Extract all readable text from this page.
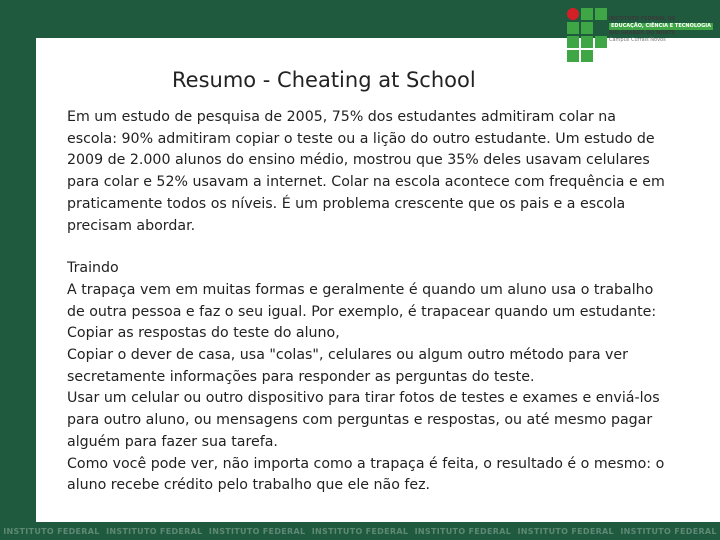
INSTITUTO FEDERAL DE
EDUCAÇÃO, CIÊNCIA E TECNOLOGIA
RIO GRANDE DO NORTE
Campus Currais Novos
Resumo - Cheating at School

Em um estudo de pesquisa de 2005, 75% dos estudantes admitiram colar na escola: 90% admitiram copiar o teste ou a lição do outro estudante. Um estudo de 2009 de 2.000 alunos do ensino médio, mostrou que 35% deles usavam celulares para colar e 52% usavam a internet. Colar na escola acontece com frequência e em praticamente todos os níveis. É um problema crescente que os pais e a escola precisam abordar.

Traindo

A trapaça vem em muitas formas e geralmente é quando um aluno usa o trabalho de outra pessoa e faz o seu igual. Por exemplo, é trapacear quando um estudante:

Copiar as respostas do teste do aluno,

Copiar o dever de casa, usa "colas", celulares ou algum outro método para ver secretamente informações para responder as perguntas do teste.

Usar um celular ou outro dispositivo para tirar fotos de testes e exames e enviá-los para outro aluno, ou mensagens com perguntas e respostas, ou até mesmo pagar alguém para fazer sua tarefa.

Como você pode ver, não importa como a trapaça é feita, o resultado é o mesmo: o aluno recebe crédito pelo trabalho que ele não fez.

INSTITUTO FEDERAL INSTITUTO FEDERAL INSTITUTO FEDERAL INSTITUTO FEDERAL INSTITUTO FEDERAL INSTITUTO FEDERAL INSTITUTO FEDERAL
